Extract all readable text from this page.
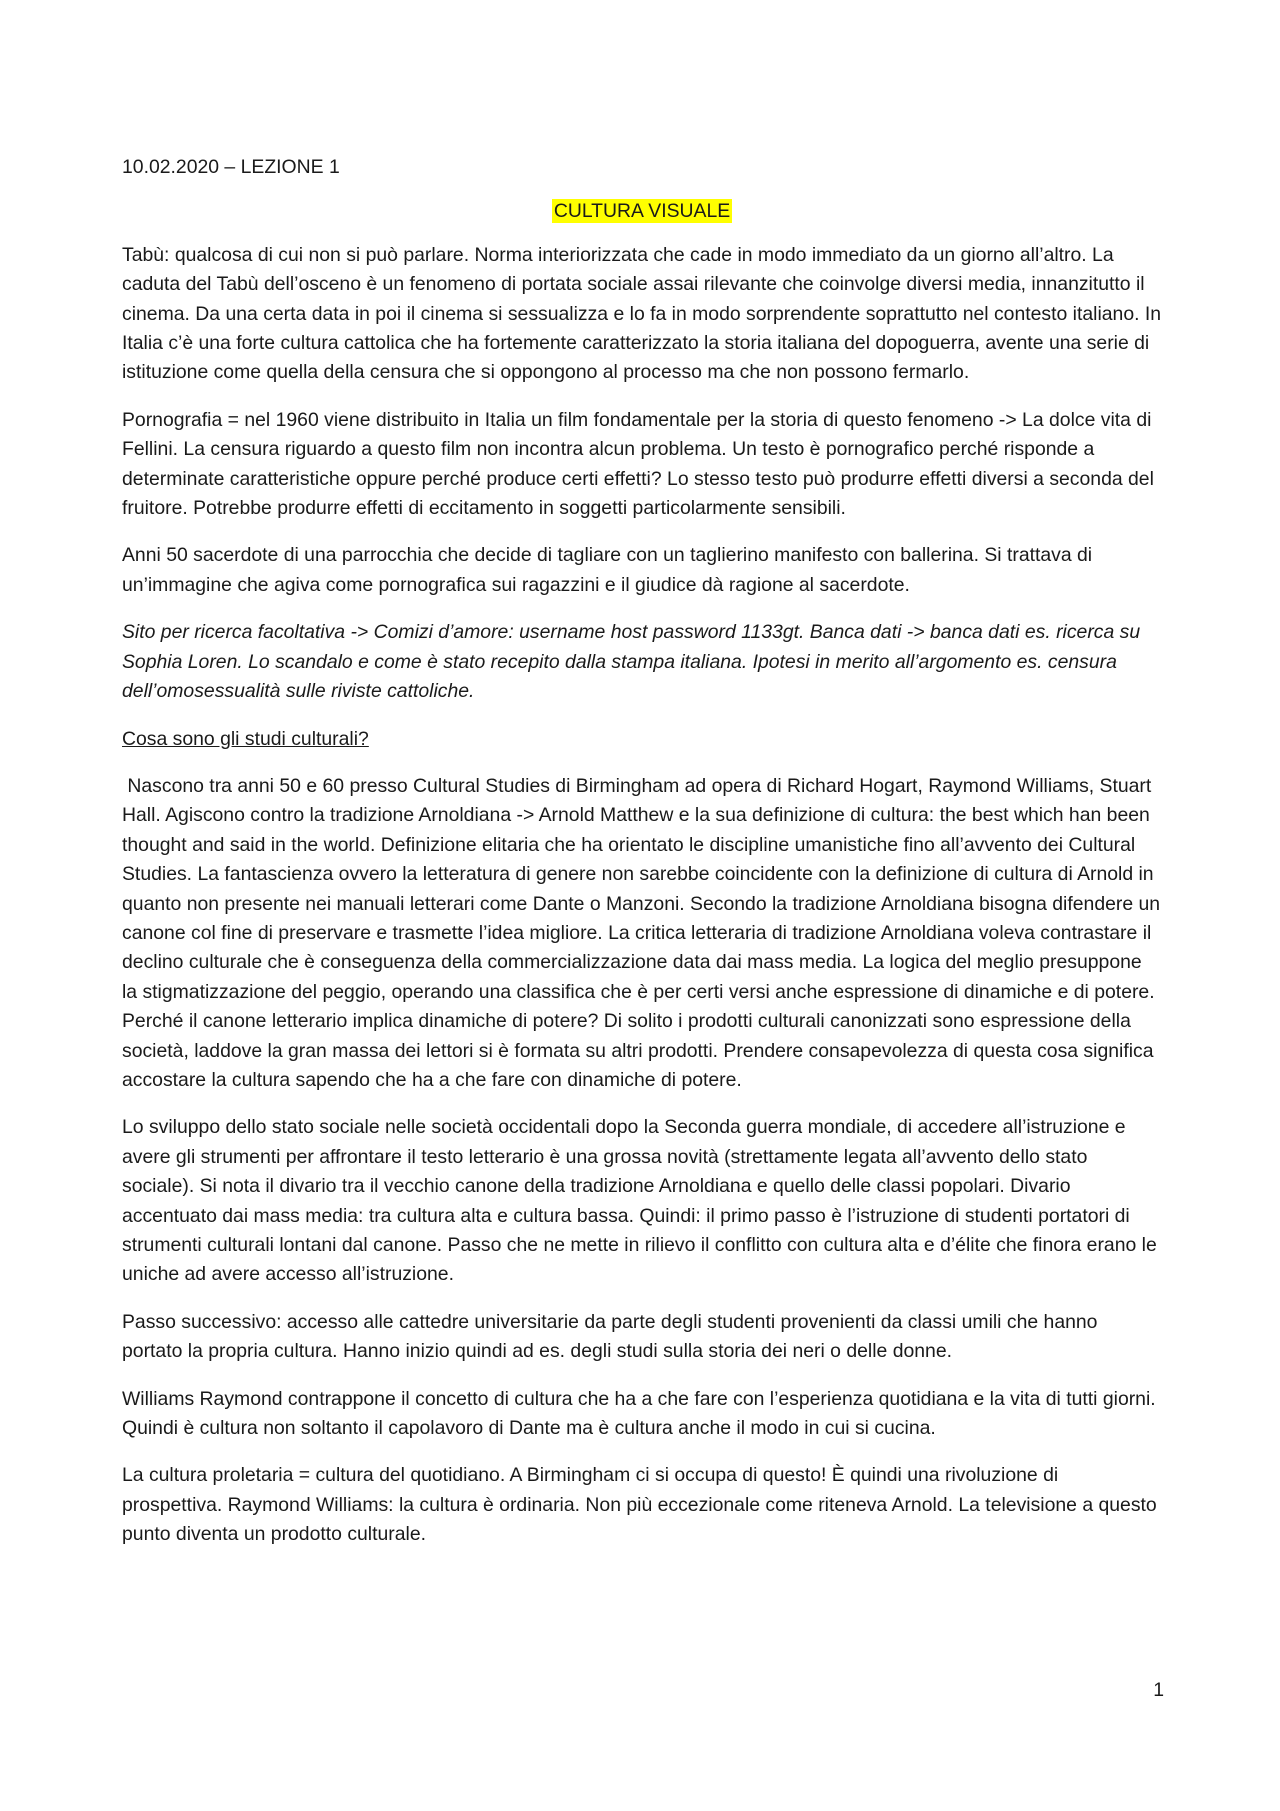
10.02.2020 – LEZIONE 1
CULTURA VISUALE

Tabù: qualcosa di cui non si può parlare. Norma interiorizzata che cade in modo immediato da un giorno all’altro. La caduta del Tabù dell’osceno è un fenomeno di portata sociale assai rilevante che coinvolge diversi media, innanzitutto il cinema. Da una certa data in poi il cinema si sessualizza e lo fa in modo sorprendente soprattutto nel contesto italiano. In Italia c’è una forte cultura cattolica che ha fortemente caratterizzato la storia italiana del dopoguerra, avente una serie di istituzione come quella della censura che si oppongono al processo ma che non possono fermarlo.

Pornografia = nel 1960 viene distribuito in Italia un film fondamentale per la storia di questo fenomeno -> La dolce vita di Fellini. La censura riguardo a questo film non incontra alcun problema. Un testo è pornografico perché risponde a determinate caratteristiche oppure perché produce certi effetti? Lo stesso testo può produrre effetti diversi a seconda del fruitore. Potrebbe produrre effetti di eccitamento in soggetti particolarmente sensibili.

Anni 50 sacerdote di una parrocchia che decide di tagliare con un taglierino manifesto con ballerina. Si trattava di un’immagine che agiva come pornografica sui ragazzini e il giudice dà ragione al sacerdote.

Sito per ricerca facoltativa -> Comizi d’amore: username host password 1133gt. Banca dati -> banca dati es. ricerca su Sophia Loren. Lo scandalo e come è stato recepito dalla stampa italiana. Ipotesi in merito all’argomento es. censura dell’omosessualità sulle riviste cattoliche.

Cosa sono gli studi culturali?

Nascono tra anni 50 e 60 presso Cultural Studies di Birmingham ad opera di Richard Hogart, Raymond Williams, Stuart Hall. Agiscono contro la tradizione Arnoldiana -> Arnold Matthew e la sua definizione di cultura: the best which han been thought and said in the world. Definizione elitaria che ha orientato le discipline umanistiche fino all’avvento dei Cultural Studies. La fantascienza ovvero la letteratura di genere non sarebbe coincidente con la definizione di cultura di Arnold in quanto non presente nei manuali letterari come Dante o Manzoni. Secondo la tradizione Arnoldiana bisogna difendere un canone col fine di preservare e trasmette l’idea migliore. La critica letteraria di tradizione Arnoldiana voleva contrastare il declino culturale che è conseguenza della commercializzazione data dai mass media. La logica del meglio presuppone la stigmatizzazione del peggio, operando una classifica che è per certi versi anche espressione di dinamiche e di potere. Perché il canone letterario implica dinamiche di potere? Di solito i prodotti culturali canonizzati sono espressione della società, laddove la gran massa dei lettori si è formata su altri prodotti. Prendere consapevolezza di questa cosa significa accostare la cultura sapendo che ha a che fare con dinamiche di potere.

Lo sviluppo dello stato sociale nelle società occidentali dopo la Seconda guerra mondiale, di accedere all’istruzione e avere gli strumenti per affrontare il testo letterario è una grossa novità (strettamente legata all’avvento dello stato sociale). Si nota il divario tra il vecchio canone della tradizione Arnoldiana e quello delle classi popolari. Divario accentuato dai mass media: tra cultura alta e cultura bassa. Quindi: il primo passo è l’istruzione di studenti portatori di strumenti culturali lontani dal canone. Passo che ne mette in rilievo il conflitto con cultura alta e d’élite che finora erano le uniche ad avere accesso all’istruzione.

Passo successivo: accesso alle cattedre universitarie da parte degli studenti provenienti da classi umili che hanno portato la propria cultura. Hanno inizio quindi ad es. degli studi sulla storia dei neri o delle donne.

Williams Raymond contrappone il concetto di cultura che ha a che fare con l’esperienza quotidiana e la vita di tutti giorni. Quindi è cultura non soltanto il capolavoro di Dante ma è cultura anche il modo in cui si cucina.

La cultura proletaria = cultura del quotidiano. A Birmingham ci si occupa di questo! È quindi una rivoluzione di prospettiva. Raymond Williams: la cultura è ordinaria. Non più eccezionale come riteneva Arnold. La televisione a questo punto diventa un prodotto culturale.

1
